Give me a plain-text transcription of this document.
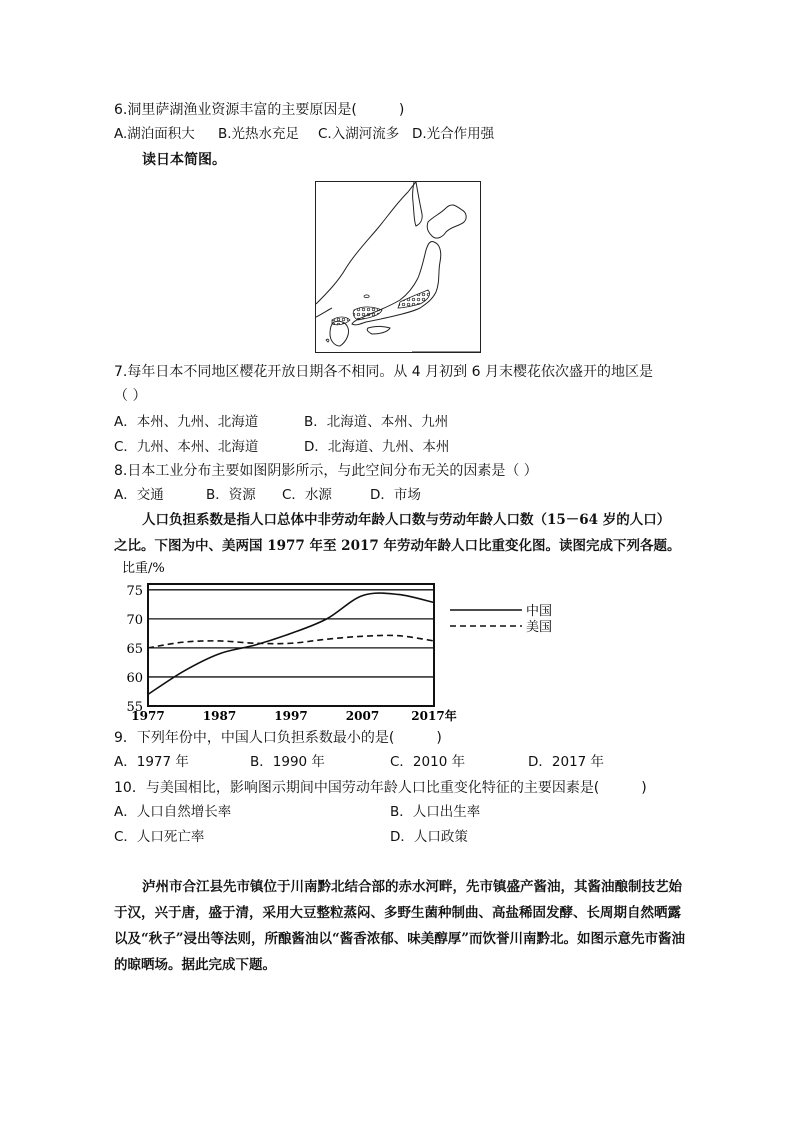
6.洞里萨湖渔业资源丰富的主要原因是(　　　)
A.湖泊面积大 B.光热水充足 C.入湖河流多 D.光合作用强
读日本简图。
7.每年日本不同地区樱花开放日期各不相同。从 4 月初到 6 月末樱花依次盛开的地区是
（ ）
A．本州、九州、北海道	B．北海道、本州、九州
C．九州、本州、北海道	D．北海道、九州、本州
8.日本工业分布主要如图阴影所示，与此空间分布无关的因素是（ ）
A．交通	B．资源 C．水源	D．市场
人口负担系数是指人口总体中非劳动年龄人口数与劳动年龄人口数（15－64 岁的人口）
之比。下图为中、美两国 1977 年至 2017 年劳动年龄人口比重变化图。读图完成下列各题。
比重/%
55
60
65
70
75
1977	1987	1997	2007	2017年
中国
美国
9．下列年份中，中国人口负担系数最小的是(　　　)
A．1977 年	B．1990 年	C．2010 年	D．2017 年
10．与美国相比，影响图示期间中国劳动年龄人口比重变化特征的主要因素是(　　　)
A．人口自然增长率	B．人口出生率
C．人口死亡率	D．人口政策
泸州市合江县先市镇位于川南黔北结合部的赤水河畔，先市镇盛产酱油，其酱油酿制技艺始于汉，兴于唐，盛于清，采用大豆整粒蒸闷、多野生菌种制曲、高盐稀固发酵、长周期自然晒露以及“秋子”浸出等法则，所酿酱油以“酱香浓郁、味美醇厚”而饮誉川南黔北。如图示意先市酱油的晾晒场。据此完成下题。
